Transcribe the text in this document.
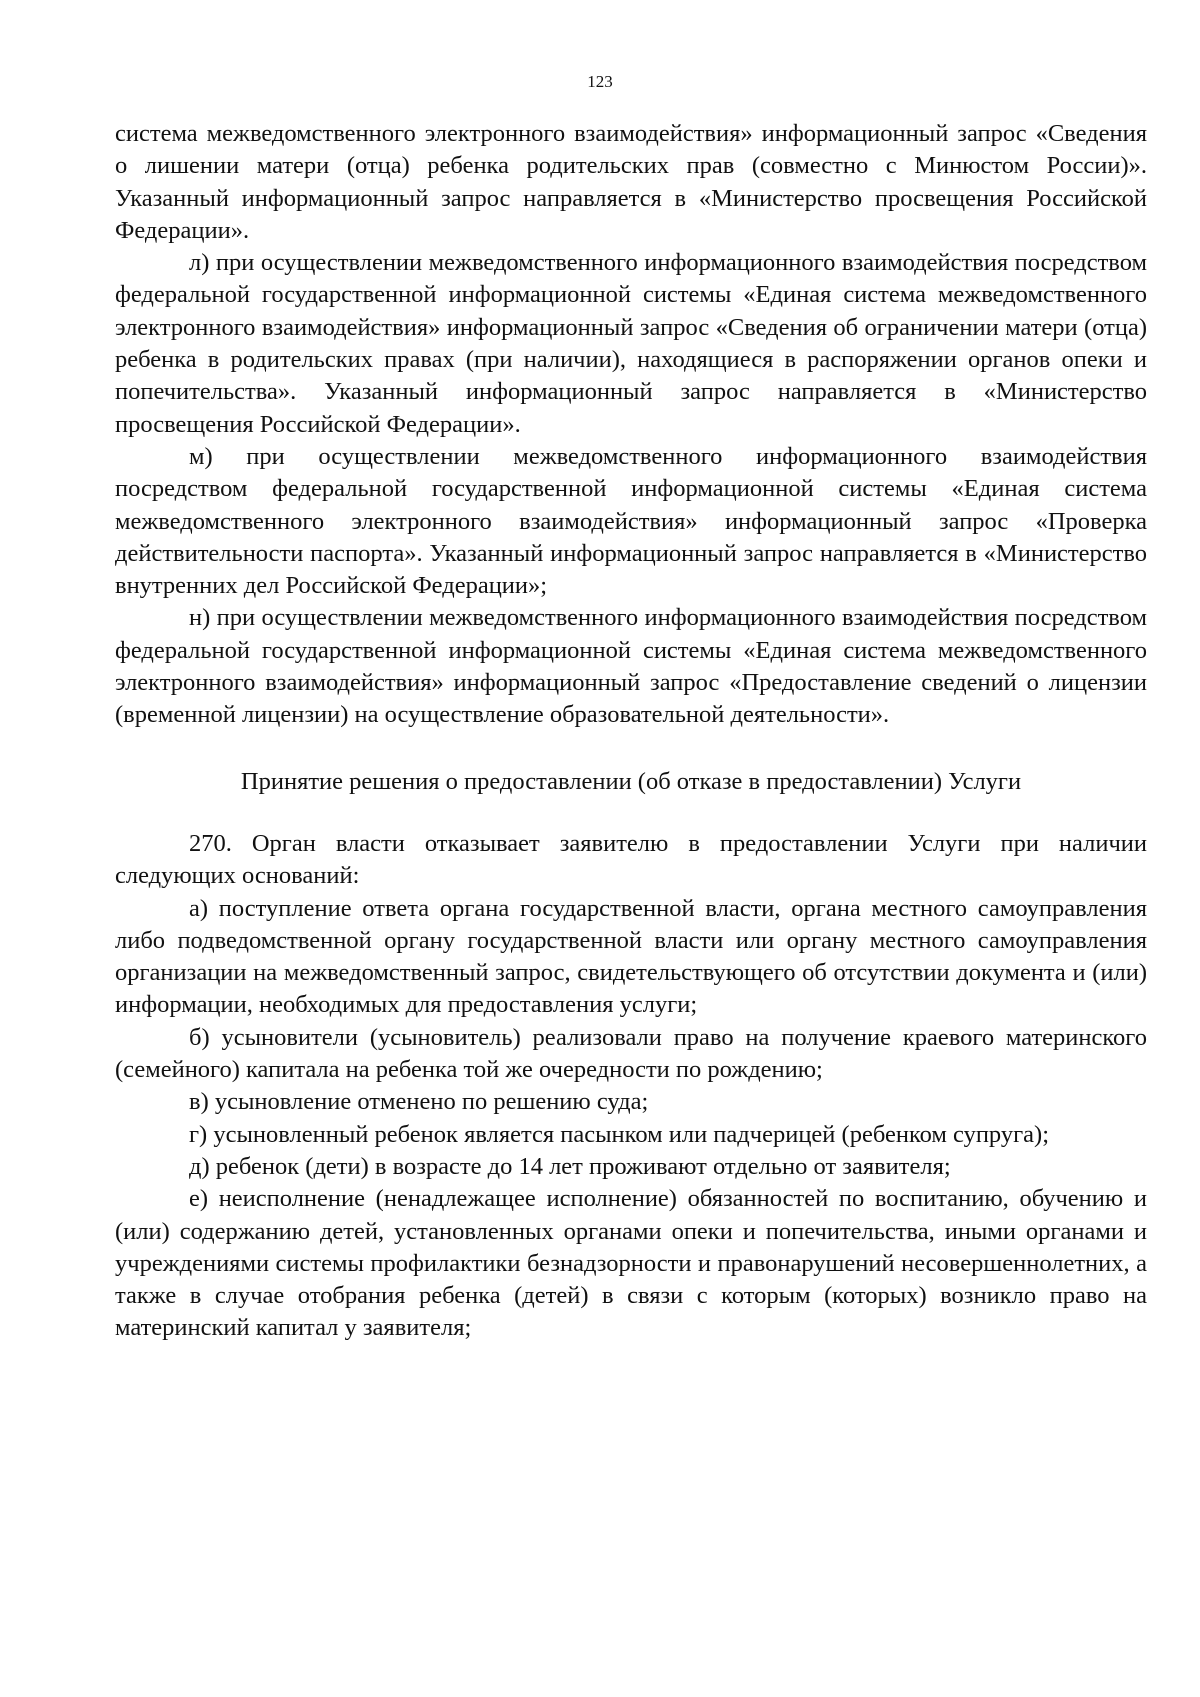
123

система межведомственного электронного взаимодействия» информационный запрос «Сведения о лишении матери (отца) ребенка родительских прав (совместно с Минюстом России)». Указанный информационный запрос направляется в «Министерство просвещения Российской Федерации».

л) при осуществлении межведомственного информационного взаимодействия посредством федеральной государственной информационной системы «Единая система межведомственного электронного взаимодействия» информационный запрос «Сведения об ограничении матери (отца) ребенка в родительских правах (при наличии), находящиеся в распоряжении органов опеки и попечительства». Указанный информационный запрос направляется в «Министерство просвещения Российской Федерации».

м) при осуществлении межведомственного информационного взаимодействия посредством федеральной государственной информационной системы «Единая система межведомственного электронного взаимодействия» информационный запрос «Проверка действительности паспорта». Указанный информационный запрос направляется в «Министерство внутренних дел Российской Федерации»;

н) при осуществлении межведомственного информационного взаимодействия посредством федеральной государственной информационной системы «Единая система межведомственного электронного взаимодействия» информационный запрос «Предоставление сведений о лицензии (временной лицензии) на осуществление образовательной деятельности».

Принятие решения о предоставлении (об отказе в предоставлении) Услуги

270. Орган власти отказывает заявителю в предоставлении Услуги при наличии следующих оснований:

а) поступление ответа органа государственной власти, органа местного самоуправления либо подведомственной органу государственной власти или органу местного самоуправления организации на межведомственный запрос, свидетельствующего об отсутствии документа и (или) информации, необходимых для предоставления услуги;

б) усыновители (усыновитель) реализовали право на получение краевого материнского (семейного) капитала на ребенка той же очередности по рождению;

в) усыновление отменено по решению суда;

г) усыновленный ребенок является пасынком или падчерицей (ребенком супруга);

д) ребенок (дети) в возрасте до 14 лет проживают отдельно от заявителя;

е) неисполнение (ненадлежащее исполнение) обязанностей по воспитанию, обучению и (или) содержанию детей, установленных органами опеки и попечительства, иными органами и учреждениями системы профилактики безнадзорности и правонарушений несовершеннолетних, а также в случае отобрания ребенка (детей) в связи с которым (которых) возникло право на материнский капитал у заявителя;
